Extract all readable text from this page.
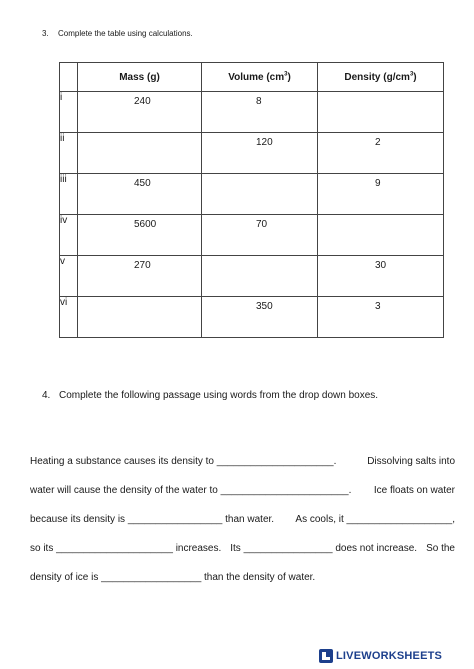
3. Complete the table using calculations.
	Mass (g)	Volume $(cm^3)$	Density $(g/cm^3)$
i	240	8	

ii		120	2

iii	450		9

iv	5600	70	

v	270		30

vi		350	3
4. Complete the following passage using words from the drop down boxes.
Heating a substance causes its density to _____________________.	Dissolving salts into
water will cause the density of the water to _______________________. Ice floats on water
because its density is _________________ than water. As cools, it ___________________,
so its _____________________ increases. Its ________________ does not increase. So the
density of ice is __________________ than the density of water.
LIVEWORKSHEETS
